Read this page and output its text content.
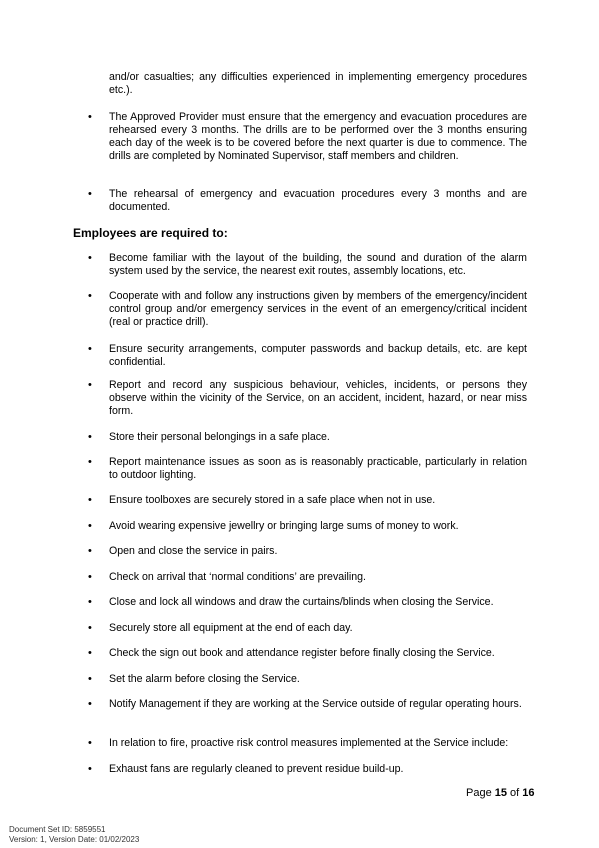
and/or casualties; any difficulties experienced in implementing emergency procedures etc.).
• The Approved Provider must ensure that the emergency and evacuation procedures are rehearsed every 3 months. The drills are to be performed over the 3 months ensuring each day of the week is to be covered before the next quarter is due to commence. The drills are completed by Nominated Supervisor, staff members and children.
• The rehearsal of emergency and evacuation procedures every 3 months and are documented.
Employees are required to:
• Become familiar with the layout of the building, the sound and duration of the alarm system used by the service, the nearest exit routes, assembly locations, etc.
• Cooperate with and follow any instructions given by members of the emergency/incident control group and/or emergency services in the event of an emergency/critical incident (real or practice drill).
• Ensure security arrangements, computer passwords and backup details, etc. are kept confidential.
• Report and record any suspicious behaviour, vehicles, incidents, or persons they observe within the vicinity of the Service, on an accident, incident, hazard, or near miss form.
• Store their personal belongings in a safe place.
• Report maintenance issues as soon as is reasonably practicable, particularly in relation to outdoor lighting.
• Ensure toolboxes are securely stored in a safe place when not in use.
• Avoid wearing expensive jewellry or bringing large sums of money to work.
• Open and close the service in pairs.
• Check on arrival that ‘normal conditions’ are prevailing.
• Close and lock all windows and draw the curtains/blinds when closing the Service.
• Securely store all equipment at the end of each day.
• Check the sign out book and attendance register before finally closing the Service.
• Set the alarm before closing the Service.
• Notify Management if they are working at the Service outside of regular operating hours.
• In relation to fire, proactive risk control measures implemented at the Service include:
• Exhaust fans are regularly cleaned to prevent residue build-up.
Page 15 of 16
Document Set ID: 5859551
Version: 1, Version Date: 01/02/2023
